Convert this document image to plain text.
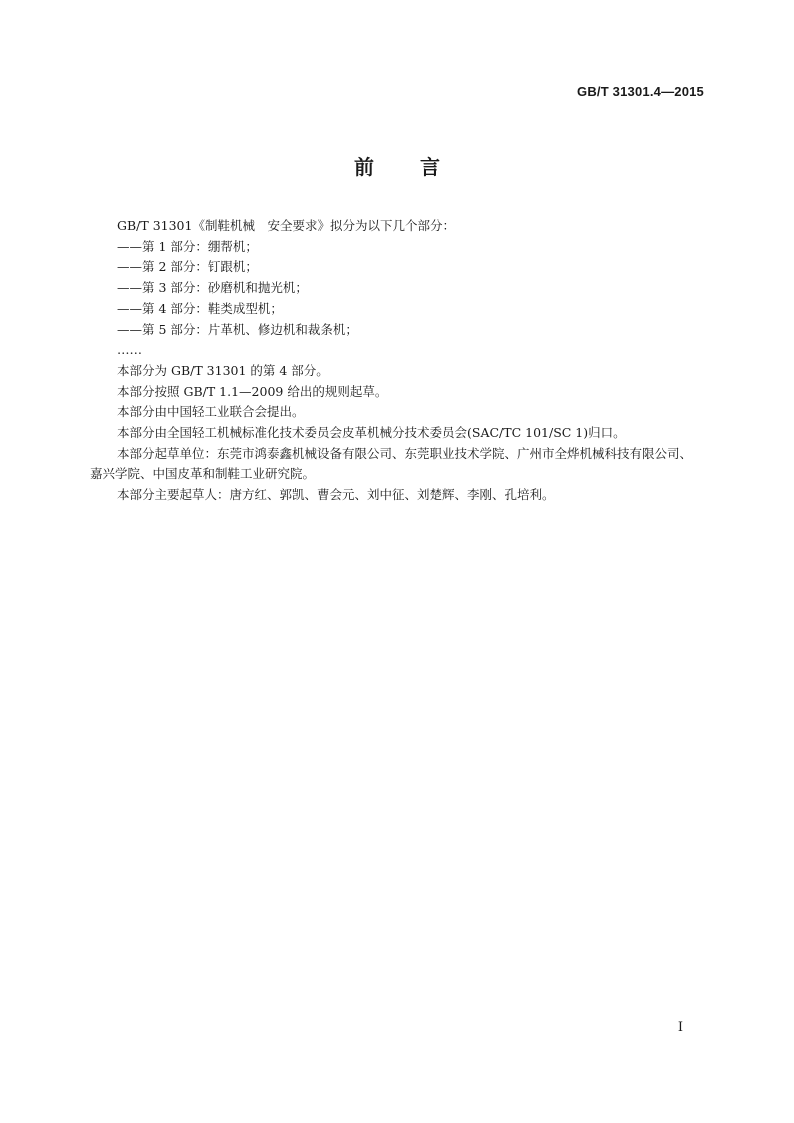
GB/T 31301.4—2015
前言

GB/T 31301《制鞋机械　安全要求》拟分为以下几个部分：

——第 1 部分：绷帮机；

——第 2 部分：钉跟机；

——第 3 部分：砂磨机和抛光机；

——第 4 部分：鞋类成型机；

——第 5 部分：片革机、修边机和裁条机；

……

本部分为 GB/T 31301 的第 4 部分。

本部分按照 GB/T 1.1—2009 给出的规则起草。

本部分由中国轻工业联合会提出。

本部分由全国轻工机械标准化技术委员会皮革机械分技术委员会(SAC/TC 101/SC 1)归口。

本部分起草单位：东莞市鸿泰鑫机械设备有限公司、东莞职业技术学院、广州市全烨机械科技有限公司、嘉兴学院、中国皮革和制鞋工业研究院。

本部分主要起草人：唐方红、郭凯、曹会元、刘中征、刘楚辉、李刚、孔培利。

I
